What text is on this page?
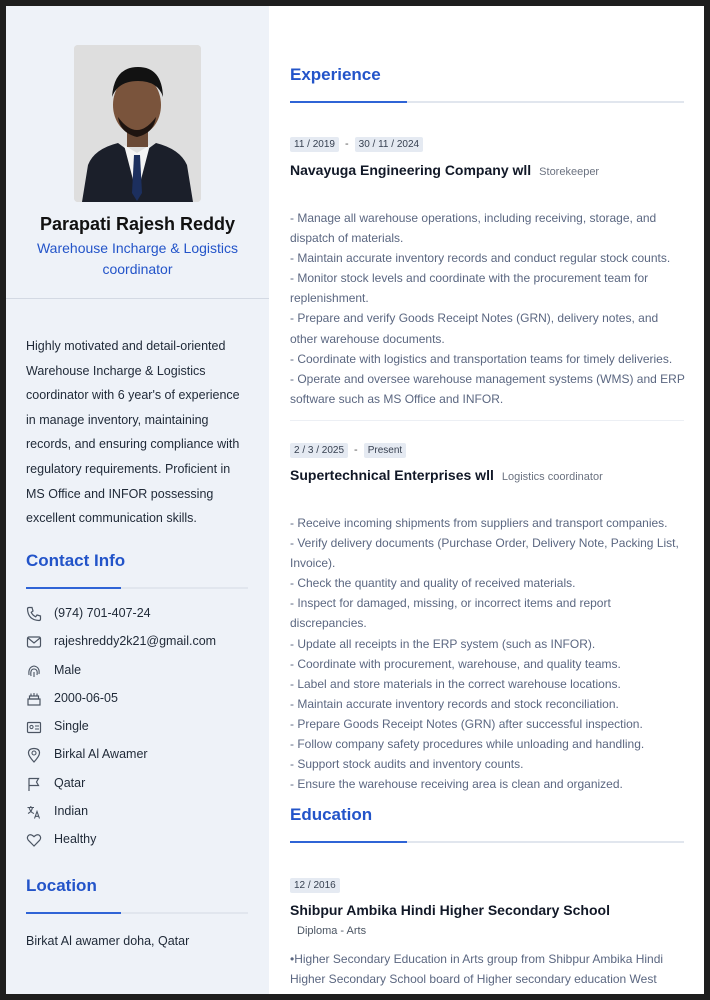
Parapati Rajesh Reddy
Warehouse Incharge & Logistics coordinator
Highly motivated and detail-oriented Warehouse Incharge & Logistics coordinator with 6 year's of experience in manage inventory, maintaining records, and ensuring compliance with regulatory requirements. Proficient in MS Office and INFOR possessing excellent communication skills.
Contact Info
(974) 701-407-24
rajeshreddy2k21@gmail.com
Male
2000-06-05
Single
Birkal Al Awamer
Qatar
Indian
Healthy
Location
Birkat Al awamer doha, Qatar
Experience
11 / 2019 - 30 / 11 / 2024
Navayuga Engineering Company wll Storekeeper
- Manage all warehouse operations, including receiving, storage, and dispatch of materials.
- Maintain accurate inventory records and conduct regular stock counts.
- Monitor stock levels and coordinate with the procurement team for replenishment.
- Prepare and verify Goods Receipt Notes (GRN), delivery notes, and other warehouse documents.
- Coordinate with logistics and transportation teams for timely deliveries.
- Operate and oversee warehouse management systems (WMS) and ERP software such as MS Office and INFOR.
2 / 3 / 2025 - Present
Supertechnical Enterprises wll Logistics coordinator
- Receive incoming shipments from suppliers and transport companies.
- Verify delivery documents (Purchase Order, Delivery Note, Packing List, Invoice).
- Check the quantity and quality of received materials.
- Inspect for damaged, missing, or incorrect items and report discrepancies.
- Update all receipts in the ERP system (such as INFOR).
- Coordinate with procurement, warehouse, and quality teams.
- Label and store materials in the correct warehouse locations.
- Maintain accurate inventory records and stock reconciliation.
- Prepare Goods Receipt Notes (GRN) after successful inspection.
- Follow company safety procedures while unloading and handling.
- Support stock audits and inventory counts.
- Ensure the warehouse receiving area is clean and organized.
Education
12 / 2016
Shibpur Ambika Hindi Higher Secondary School
Diploma - Arts
•Higher Secondary Education in Arts group from Shibpur Ambika Hindi Higher Secondary School board of Higher secondary education West
